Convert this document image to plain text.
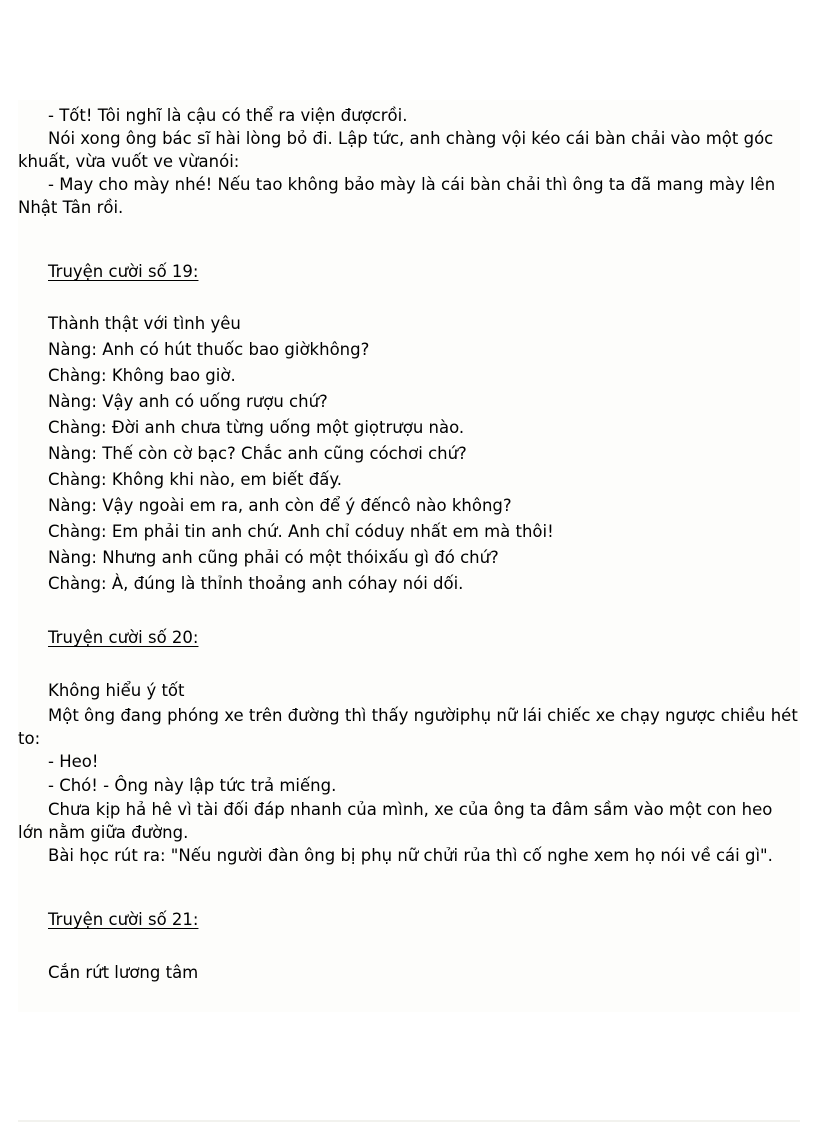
- Tốt! Tôi nghĩ là cậu có thể ra viện đượcrồi.

Nói xong ông bác sĩ hài lòng bỏ đi. Lập tức, anh chàng vội kéo cái bàn chải vào một góc khuất, vừa vuốt ve vừanói:

- May cho mày nhé! Nếu tao không bảo mày là cái bàn chải thì ông ta đã mang mày lên Nhật Tân rồi.

Truyện cười số 19:

Thành thật với tình yêu

Nàng: Anh có hút thuốc bao giờkhông?

Chàng: Không bao giờ.

Nàng: Vậy anh có uống rượu chứ?

Chàng: Đời anh chưa từng uống một giọtrượu nào.

Nàng: Thế còn cờ bạc? Chắc anh cũng cóchơi chứ?

Chàng: Không khi nào, em biết đấy.

Nàng: Vậy ngoài em ra, anh còn để ý đếncô nào không?

Chàng: Em phải tin anh chứ. Anh chỉ códuy nhất em mà thôi!

Nàng: Nhưng anh cũng phải có một thóixấu gì đó chứ?

Chàng: À, đúng là thỉnh thoảng anh cóhay nói dối.

Truyện cười số 20:

Không hiểu ý tốt

Một ông đang phóng xe trên đường thì thấy ngườiphụ nữ lái chiếc xe chạy ngược chiều hét to:

- Heo!

- Chó! - Ông này lập tức trả miếng.

Chưa kịp hả hê vì tài đối đáp nhanh của mình, xe của ông ta đâm sầm vào một con heo lớn nằm giữa đường.

Bài học rút ra: "Nếu người đàn ông bị phụ nữ chửi rủa thì cố nghe xem họ nói về cái gì".

Truyện cười số 21:

Cắn rứt lương tâm
